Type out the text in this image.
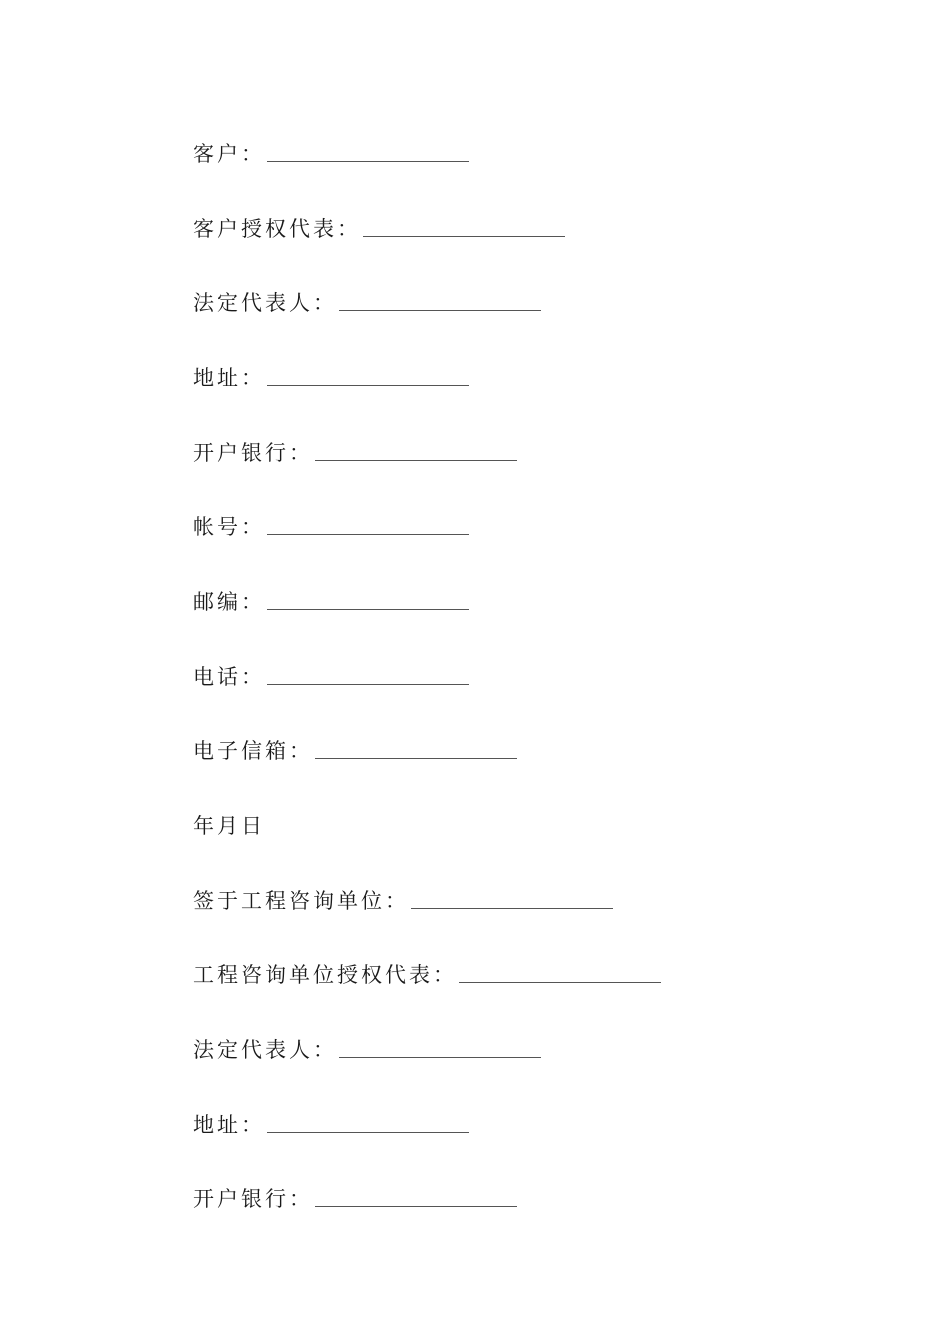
客户：
客户授权代表：
法定代表人：
地址：
开户银行：
帐号：
邮编：
电话：
电子信箱：
年月日
签于工程咨询单位：
工程咨询单位授权代表：
法定代表人：
地址：
开户银行：
